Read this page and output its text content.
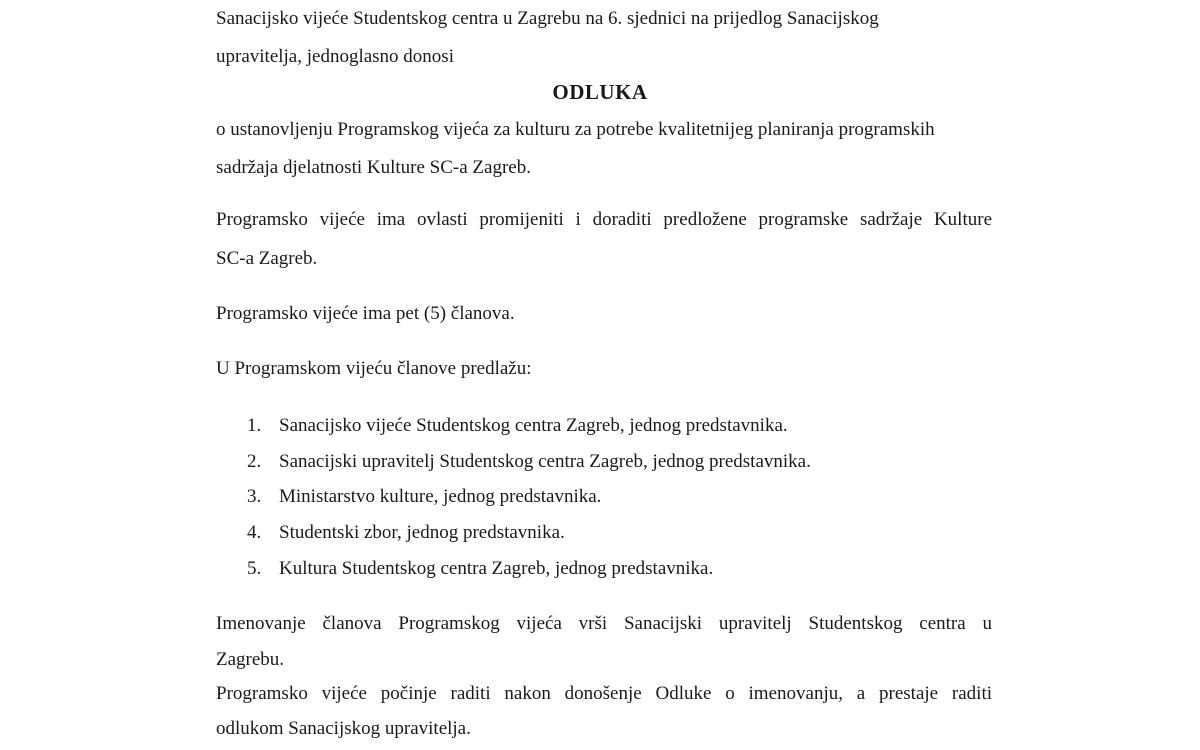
Sanacijsko vijeće Studentskog centra u Zagrebu na 6. sjednici na prijedlog Sanacijskog
upravitelja, jednoglasno donosi
ODLUKA
o ustanovljenju Programskog vijeća za kulturu za potrebe kvalitetnijeg planiranja programskih
sadržaja djelatnosti Kulture SC-a Zagreb.
Programsko vijeće ima ovlasti promijeniti i doraditi predložene programske sadržaje Kulture
SC-a Zagreb.
Programsko vijeće ima pet (5) članova.
U Programskom vijeću članove predlažu:
1. Sanacijsko vijeće Studentskog centra Zagreb, jednog predstavnika.
2. Sanacijski upravitelj Studentskog centra Zagreb, jednog predstavnika.
3. Ministarstvo kulture, jednog predstavnika.
4. Studentski zbor, jednog predstavnika.
5. Kultura Studentskog centra Zagreb, jednog predstavnika.
Imenovanje članova Programskog vijeća vrši Sanacijski upravitelj Studentskog centra u
Zagrebu.
Programsko vijeće počinje raditi nakon donošenje Odluke o imenovanju, a prestaje raditi
odlukom Sanacijskog upravitelja.
